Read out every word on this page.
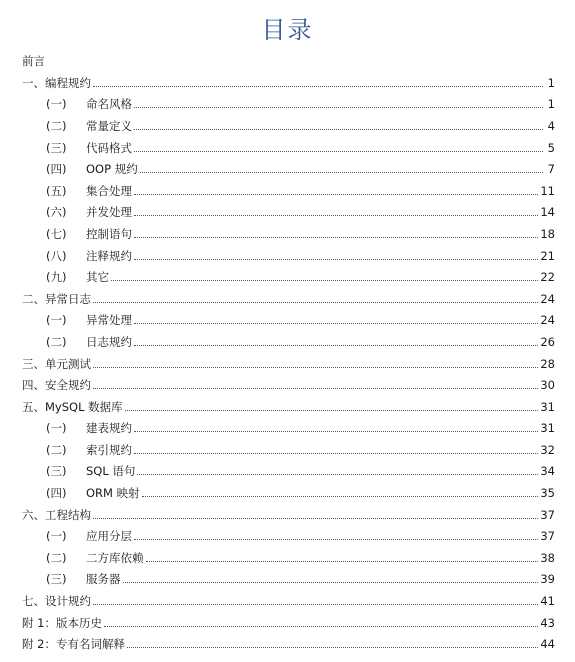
目录
前言
一、 编程规约	1
(一)	命名风格	1
(二)	常量定义	4
(三)	代码格式	5
(四)	OOP 规约	7
(五)	集合处理	11
(六)	并发处理	14
(七)	控制语句	18
(八)	注释规约	21
(九)	其它	22
二、 异常日志	24
(一)	异常处理	24
(二)	日志规约	26
三、 单元测试	28
四、 安全规约	30
五、 MySQL 数据库	31
(一)	建表规约	31
(二)	索引规约	32
(三)	SQL 语句	34
(四)	ORM 映射	35
六、 工程结构	37
(一)	应用分层	37
(二)	二方库依赖	38
(三)	服务器	39
七、 设计规约	41
附 1： 版本历史	43
附 2： 专有名词解释	44
